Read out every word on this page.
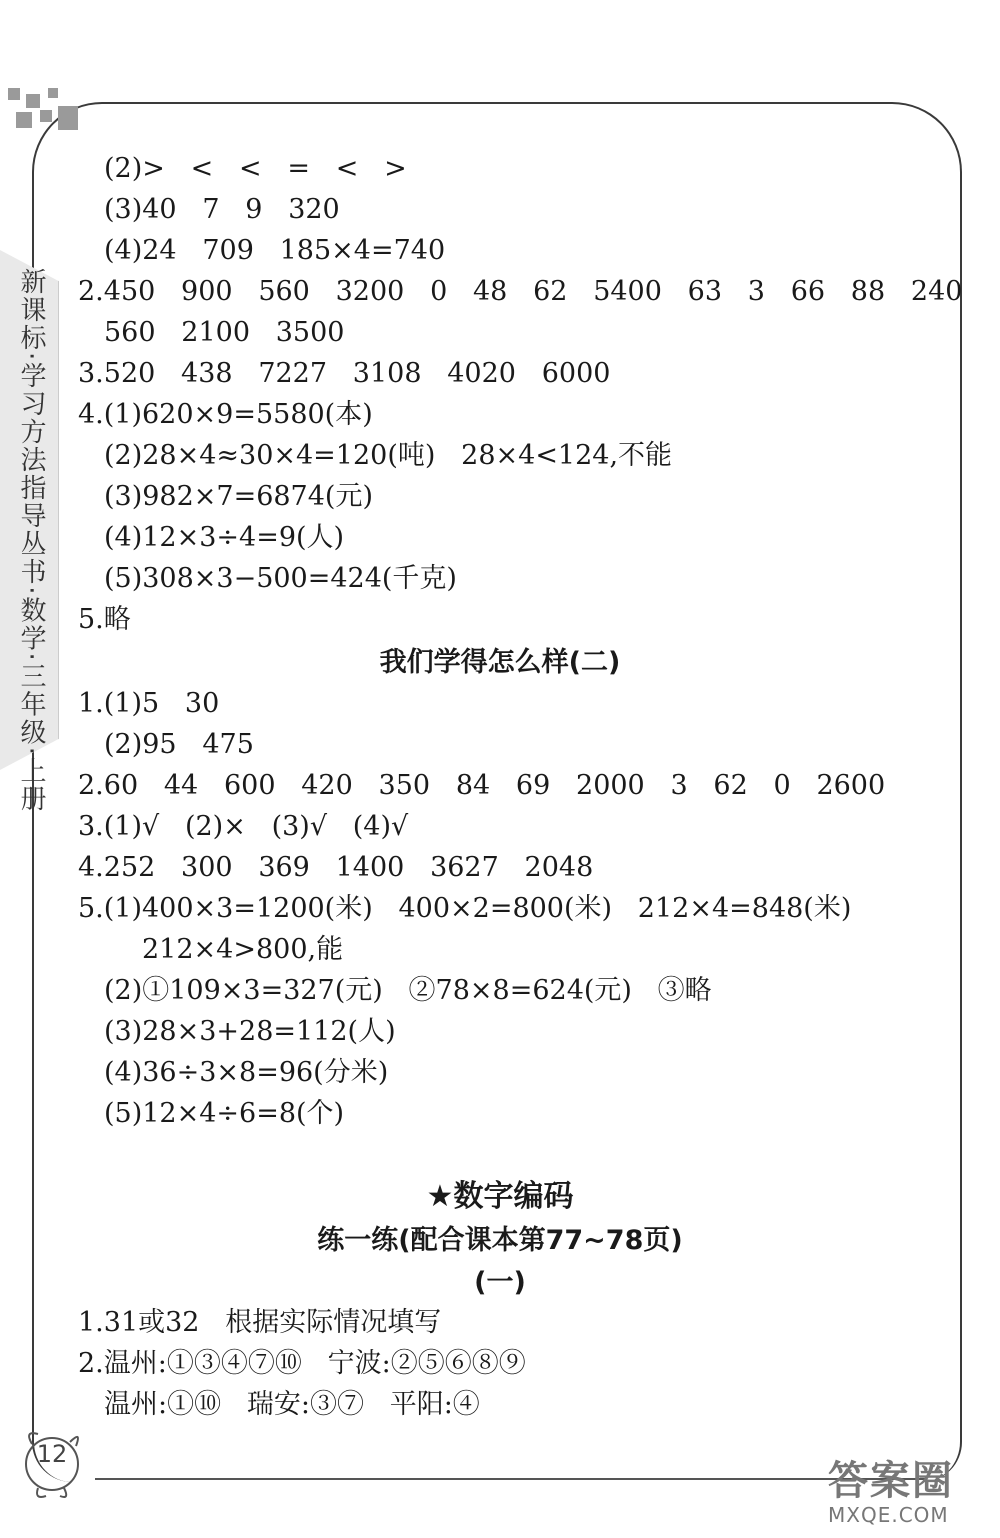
新课标·学习方法指导丛书·数学·三年级·上册
(2)>   <   <   =   <   >
(3)40   7   9   320
(4)24   709   185×4=740
2.450   900   560   3200   0   48   62   5400   63   3   66   88   240
560   2100   3500
3.520   438   7227   3108   4020   6000
4.(1)620×9=5580(本)
(2)28×4≈30×4=120(吨)   28×4<124,不能
(3)982×7=6874(元)
(4)12×3÷4=9(人)
(5)308×3−500=424(千克)
5.略
我们学得怎么样(二)
1.(1)5   30
(2)95   475
2.60   44   600   420   350   84   69   2000   3   62   0   2600
3.(1)√   (2)×   (3)√   (4)√
4.252   300   369   1400   3627   2048
5.(1)400×3=1200(米)   400×2=800(米)   212×4=848(米)
212×4>800,能
(2)①109×3=327(元)   ②78×8=624(元)   ③略
(3)28×3+28=112(人)
(4)36÷3×8=96(分米)
(5)12×4÷6=8(个)
★数字编码
练一练(配合课本第77~78页)
(一)
1.31或32   根据实际情况填写
2.温州:①③④⑦⑩   宁波:②⑤⑥⑧⑨
温州:①⑩   瑞安:③⑦   平阳:④
12
答案圈
MXQE.COM
